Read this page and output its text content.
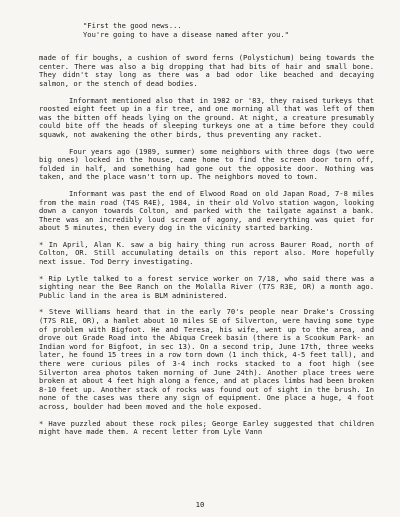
"First the good news...
You're going to have a disease named after you."

made of fir boughs, a cushion of sword ferns (Polystichum) being towards the center. There was also a big dropping that had bits of hair and small bone. They didn't stay long as there was a bad odor like beached and decaying salmon, or the stench of dead bodies.

Informant mentioned also that in 1982 or '83, they raised turkeys that roosted eight feet up in a fir tree, and one morning all that was left of them was the bitten off heads lying on the ground. At night, a creature presumably could bite off the heads of sleeping turkeys one at a time before they could squawk, not awakening the other birds, thus preventing any racket.

Four years ago (1989, summer) some neighbors with three dogs (two were big ones) locked in the house, came home to find the screen door torn off, folded in half, and something had gone out the opposite door. Nothing was taken, and the place wasn't torn up. The neighbors moved to town.

Informant was past the end of Elwood Road on old Japan Road, 7-8 miles from the main road (T4S R4E), 1984, in their old Volvo station wagon, looking down a canyon towards Colton, and parked with the tailgate against a bank. There was an incredibly loud scream of agony, and everything was quiet for about 5 minutes, then every dog in the vicinity started barking.

* In April, Alan K. saw a big hairy thing run across Baurer Road, north of Colton, OR. Still accumulating details on this report also. More hopefully next issue. Tod Derry investigating.

* Rip Lytle talked to a forest service worker on 7/18, who said there was a sighting near the Bee Ranch on the Molalla River (T7S R3E, OR) a month ago. Public land in the area is BLM administered.

* Steve Williams heard that in the early 70's people near Drake's Crossing (T7S R1E, OR), a hamlet about 10 miles SE of Silverton, were having some type of problem with Bigfoot. He and Teresa, his wife, went up to the area, and drove out Grade Road into the Abiqua Creek basin (there is a Scookum Park- an Indian word for Bigfoot, in sec 13). On a second trip, June 17th, three weeks later, he found 15 trees in a row torn down (1 inch thick, 4-5 feet tall), and there were curious piles of 3-4 inch rocks stacked to a foot high (see Silverton area photos taken morning of June 24th). Another place trees were broken at about 4 feet high along a fence, and at places limbs had been broken 8-10 feet up. Another stack of rocks was found out of sight in the brush. In none of the cases was there any sign of equipment. One place a huge, 4 foot across, boulder had been moved and the hole exposed.

* Have puzzled about these rock piles; George Earley suggested that children might have made them. A recent letter from Lyle Vann

10
